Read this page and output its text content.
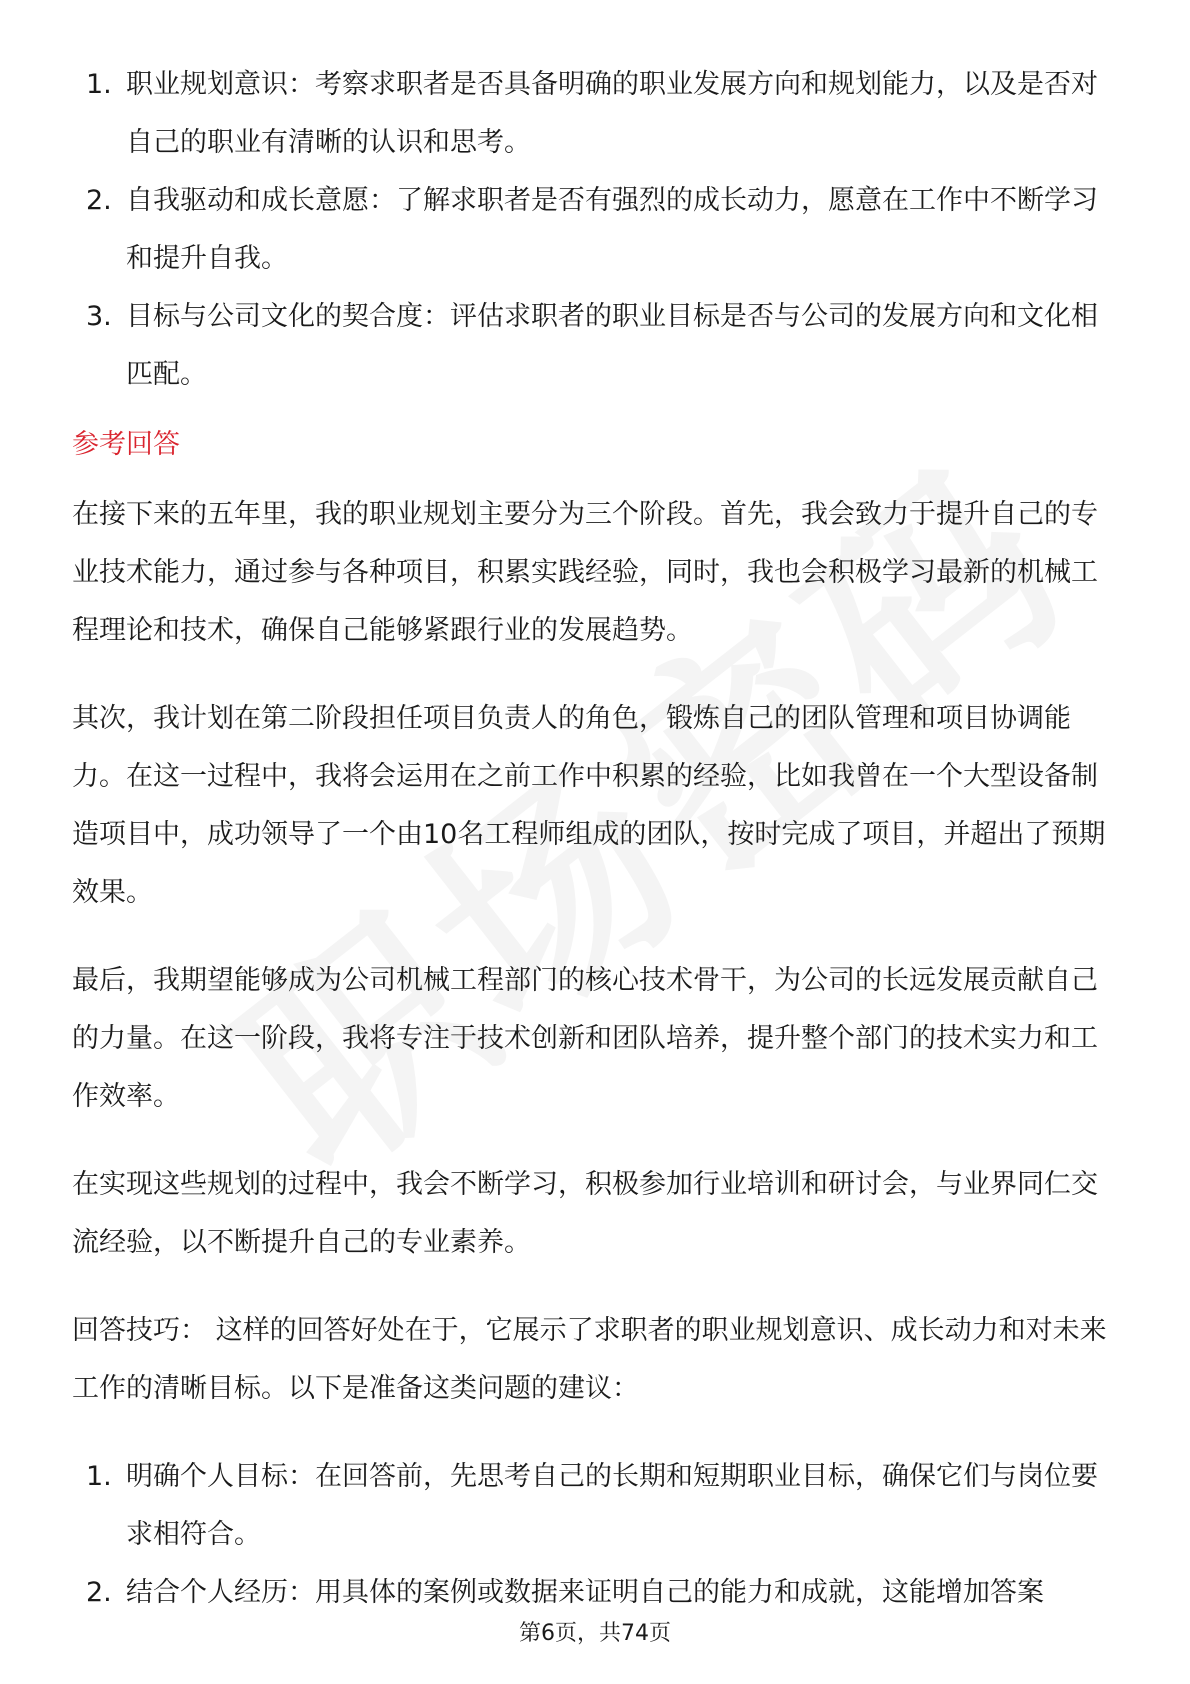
1. 职业规划意识：考察求职者是否具备明确的职业发展方向和规划能力，以及是否对自己的职业有清晰的认识和思考。
2. 自我驱动和成长意愿：了解求职者是否有强烈的成长动力，愿意在工作中不断学习和提升自我。
3. 目标与公司文化的契合度：评估求职者的职业目标是否与公司的发展方向和文化相匹配。
参考回答

在接下来的五年里，我的职业规划主要分为三个阶段。首先，我会致力于提升自己的专业技术能力，通过参与各种项目，积累实践经验，同时，我也会积极学习最新的机械工程理论和技术，确保自己能够紧跟行业的发展趋势。

其次，我计划在第二阶段担任项目负责人的角色，锻炼自己的团队管理和项目协调能力。在这一过程中，我将会运用在之前工作中积累的经验，比如我曾在一个大型设备制造项目中，成功领导了一个由10名工程师组成的团队，按时完成了项目，并超出了预期效果。

最后，我期望能够成为公司机械工程部门的核心技术骨干，为公司的长远发展贡献自己的力量。在这一阶段，我将专注于技术创新和团队培养，提升整个部门的技术实力和工作效率。

在实现这些规划的过程中，我会不断学习，积极参加行业培训和研讨会，与业界同仁交流经验，以不断提升自己的专业素养。

回答技巧： 这样的回答好处在于，它展示了求职者的职业规划意识、成长动力和对未来工作的清晰目标。以下是准备这类问题的建议：

1. 明确个人目标：在回答前，先思考自己的长期和短期职业目标，确保它们与岗位要求相符合。
2. 结合个人经历：用具体的案例或数据来证明自己的能力和成就，这能增加答案
第6页，共74页
